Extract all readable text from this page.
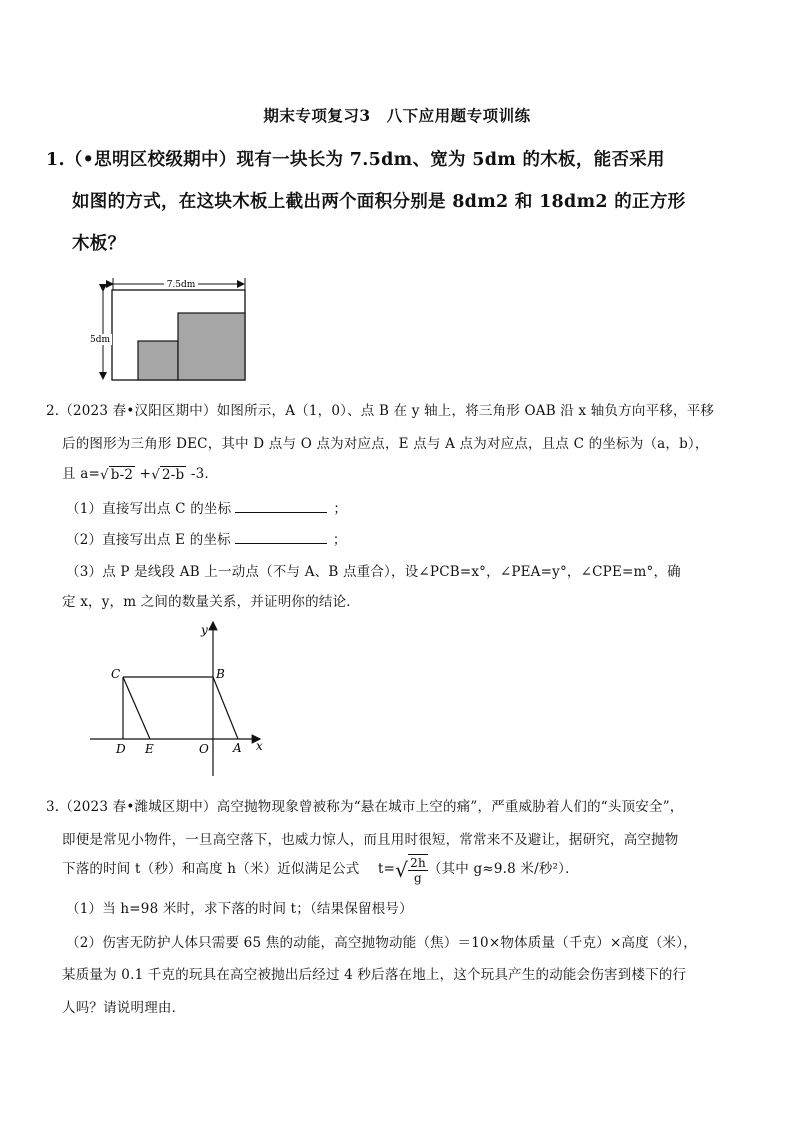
期末专项复习3　八下应用题专项训练
1.（•思明区校级期中）现有一块长为 7.5dm、宽为 5dm 的木板，能否采用
如图的方式，在这块木板上截出两个面积分别是 8dm2 和 18dm2 的正方形
木板？
7.5dm
5dm
2.（2023 春•汉阳区期中）如图所示，A（1，0）、点 B 在 y 轴上，将三角形 OAB 沿 x 轴负方向平移，平移
后的图形为三角形 DEC，其中 D 点与 O 点为对应点，E 点与 A 点为对应点，且点 C 的坐标为（a，b），
且 a= √ b-2 + √ 2-b -3．
（1）直接写出点 C 的坐标	；
（2）直接写出点 E 的坐标	；
（3）点 P 是线段 AB 上一动点（不与 A、B 点重合），设∠PCB=x°，∠PEA=y°，∠CPE=m°，确
定 x，y，m 之间的数量关系，并证明你的结论．
y
C	B
D E	O A x
3.（2023 春•潍城区期中）高空抛物现象曾被称为“悬在城市上空的痛”，严重威胁着人们的“头顶安全”，
即便是常见小物件，一旦高空落下，也威力惊人，而且用时很短，常常来不及避让，据研究，高空抛物
下落的时间 t（秒）和高度 h（米）近似满足公式 t= √ $\frac{2h}{g}$ （其中 g≈9.8 米/秒²）．
（1）当 h=98 米时，求下落的时间 t；（结果保留根号）
（2）伤害无防护人体只需要 65 焦的动能，高空抛物动能（焦）＝10×物体质量（千克）×高度（米），
某质量为 0.1 千克的玩具在高空被抛出后经过 4 秒后落在地上，这个玩具产生的动能会伤害到楼下的行
人吗？请说明理由．
